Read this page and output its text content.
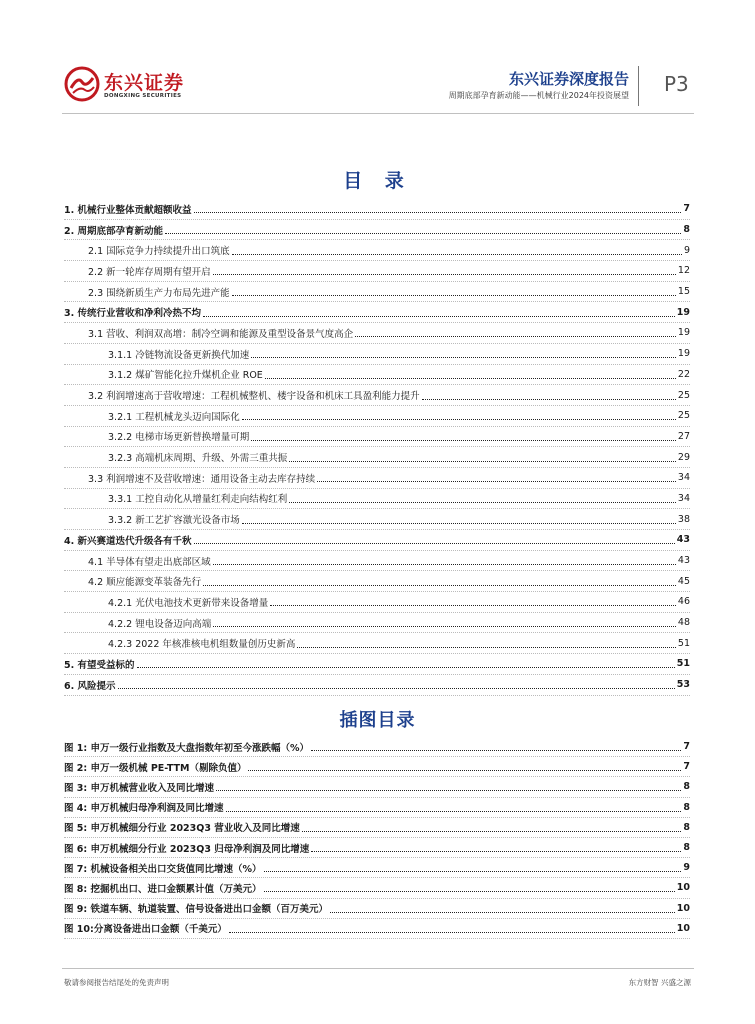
东兴证券
DONGXING SECURITIES
东兴证券深度报告
周期底部孕育新动能——机械行业2024年投资展望 P3
目 录
1. 机械行业整体贡献超额收益	7
2. 周期底部孕育新动能	8
2.1 国际竞争力持续提升出口筑底	9
2.2 新一轮库存周期有望开启	12
2.3 围绕新质生产力布局先进产能	15
3. 传统行业营收和净利冷热不均	19
3.1 营收、利润双高增：制冷空调和能源及重型设备景气度高企	19
3.1.1 冷链物流设备更新换代加速	19
3.1.2 煤矿智能化拉升煤机企业 ROE	22
3.2 利润增速高于营收增速：工程机械整机、楼宇设备和机床工具盈利能力提升	25
3.2.1 工程机械龙头迈向国际化	25
3.2.2 电梯市场更新替换增量可期	27
3.2.3 高端机床周期、升级、外需三重共振	29
3.3 利润增速不及营收增速：通用设备主动去库存持续	34
3.3.1 工控自动化从增量红利走向结构红利	34
3.3.2 新工艺扩容激光设备市场	38
4. 新兴赛道迭代升级各有千秋	43
4.1 半导体有望走出底部区域	43
4.2 顺应能源变革装备先行	45
4.2.1 光伏电池技术更新带来设备增量	46
4.2.2 锂电设备迈向高端	48
4.2.3 2022 年核准核电机组数量创历史新高	51
5. 有望受益标的	51
6. 风险提示	53
插图目录
图 1: 申万一级行业指数及大盘指数年初至今涨跌幅（%）	7
图 2: 申万一级机械 PE-TTM（剔除负值）	7
图 3: 申万机械营业收入及同比增速	8
图 4: 申万机械归母净利润及同比增速	8
图 5: 申万机械细分行业 2023Q3 营业收入及同比增速	8
图 6: 申万机械细分行业 2023Q3 归母净利润及同比增速	8
图 7: 机械设备相关出口交货值同比增速（%）	9
图 8: 挖掘机出口、进口金额累计值（万美元）	10
图 9: 铁道车辆、轨道装置、信号设备进出口金额（百万美元）	10
图 10:分离设备进出口金额（千美元）	10
敬请参阅报告结尾处的免责声明	东方财智 兴盛之源
